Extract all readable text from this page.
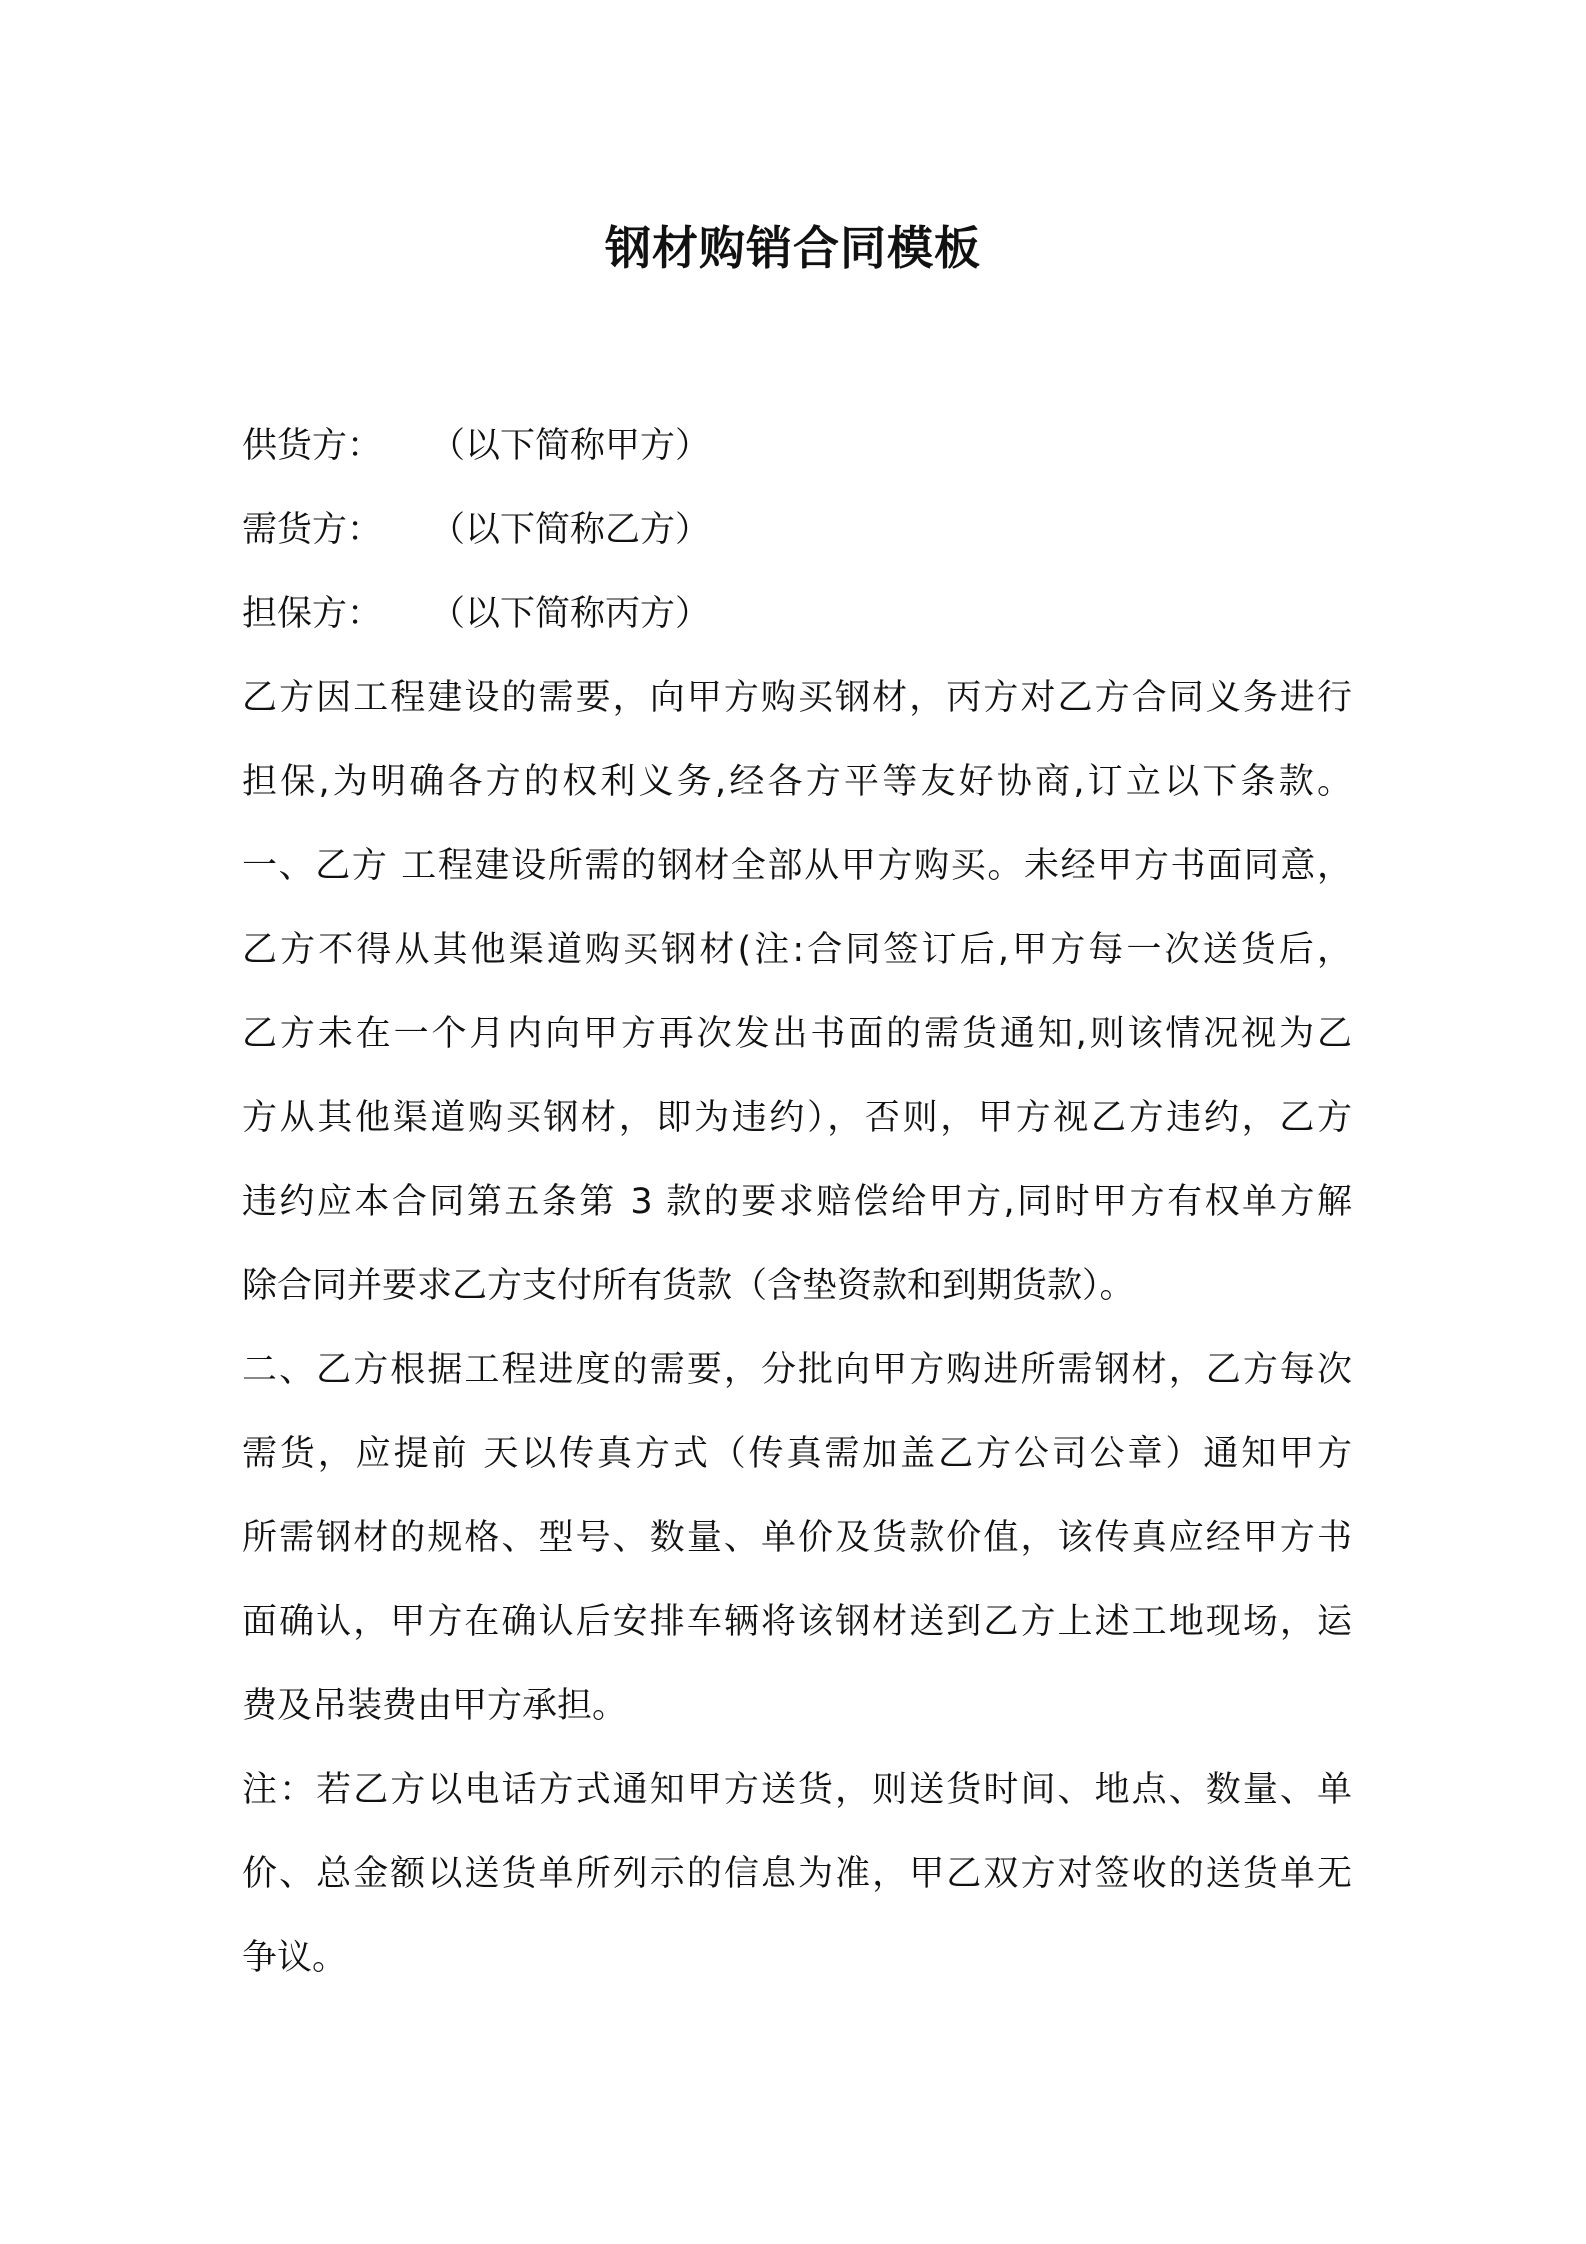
钢材购销合同模板
供货方： （以下简称甲方）
需货方： （以下简称乙方）
担保方： （以下简称丙方）
乙方因工程建设的需要，向甲方购买钢材，丙方对乙方合同义务进行
担保,为明确各方的权利义务,经各方平等友好协商,订立以下条款。
一、乙方 工程建设所需的钢材全部从甲方购买。未经甲方书面同意，
乙方不得从其他渠道购买钢材(注:合同签订后,甲方每一次送货后，
乙方未在一个月内向甲方再次发出书面的需货通知,则该情况视为乙
方从其他渠道购买钢材，即为违约），否则，甲方视乙方违约，乙方
违约应本合同第五条第 3 款的要求赔偿给甲方,同时甲方有权单方解
除合同并要求乙方支付所有货款（含垫资款和到期货款）。
二、乙方根据工程进度的需要，分批向甲方购进所需钢材，乙方每次
需货，应提前 天以传真方式（传真需加盖乙方公司公章）通知甲方
所需钢材的规格、型号、数量、单价及货款价值，该传真应经甲方书
面确认，甲方在确认后安排车辆将该钢材送到乙方上述工地现场，运
费及吊装费由甲方承担。
注：若乙方以电话方式通知甲方送货，则送货时间、地点、数量、单
价、总金额以送货单所列示的信息为准，甲乙双方对签收的送货单无
争议。
